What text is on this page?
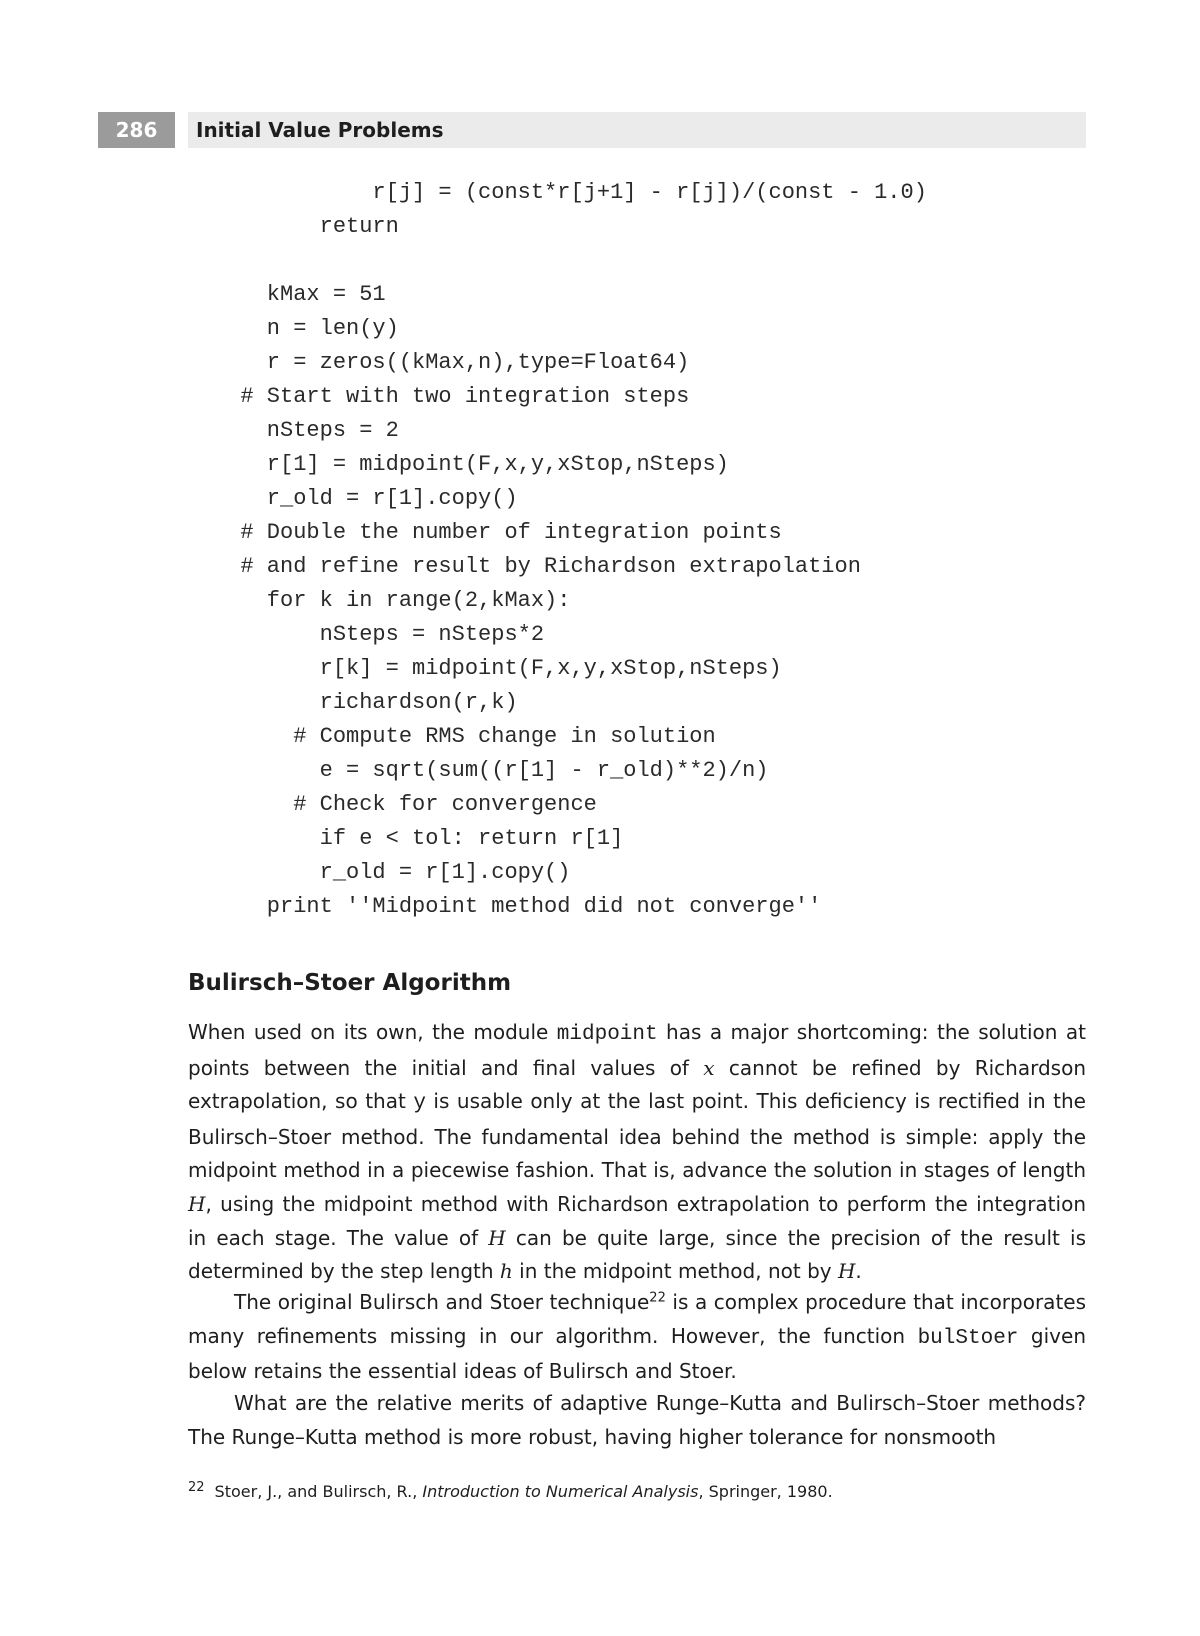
286	Initial Value Problems
r[j] = (const*r[j+1] - r[j])/(const - 1.0)
return
kMax = 51
n = len(y)
r = zeros((kMax,n),type=Float64)
# Start with two integration steps
nSteps = 2
r[1] = midpoint(F,x,y,xStop,nSteps)
r_old = r[1].copy()
# Double the number of integration points
# and refine result by Richardson extrapolation
for k in range(2,kMax):
nSteps = nSteps*2
r[k] = midpoint(F,x,y,xStop,nSteps)
richardson(r,k)
# Compute RMS change in solution
e = sqrt(sum((r[1] - r_old)**2)/n)
# Check for convergence
if e < tol: return r[1]
r_old = r[1].copy()
print ''Midpoint method did not converge''
Bulirsch–Stoer Algorithm

When used on its own, the module midpoint has a major shortcoming: the solution at points between the initial and final values of x cannot be refined by Richardson extrapolation, so that y is usable only at the last point. This deficiency is rectified in the Bulirsch–Stoer method. The fundamental idea behind the method is simple: apply the midpoint method in a piecewise fashion. That is, advance the solution in stages of length H, using the midpoint method with Richardson extrapolation to perform the integration in each stage. The value of H can be quite large, since the precision of the result is determined by the step length h in the midpoint method, not by H.

The original Bulirsch and Stoer technique$^{22}$ is a complex procedure that incorporates many refinements missing in our algorithm. However, the function bulStoer given below retains the essential ideas of Bulirsch and Stoer.

What are the relative merits of adaptive Runge–Kutta and Bulirsch–Stoer methods? The Runge–Kutta method is more robust, having higher tolerance for nonsmooth

$^{22}$ Stoer, J., and Bulirsch, R., Introduction to Numerical Analysis, Springer, 1980.
